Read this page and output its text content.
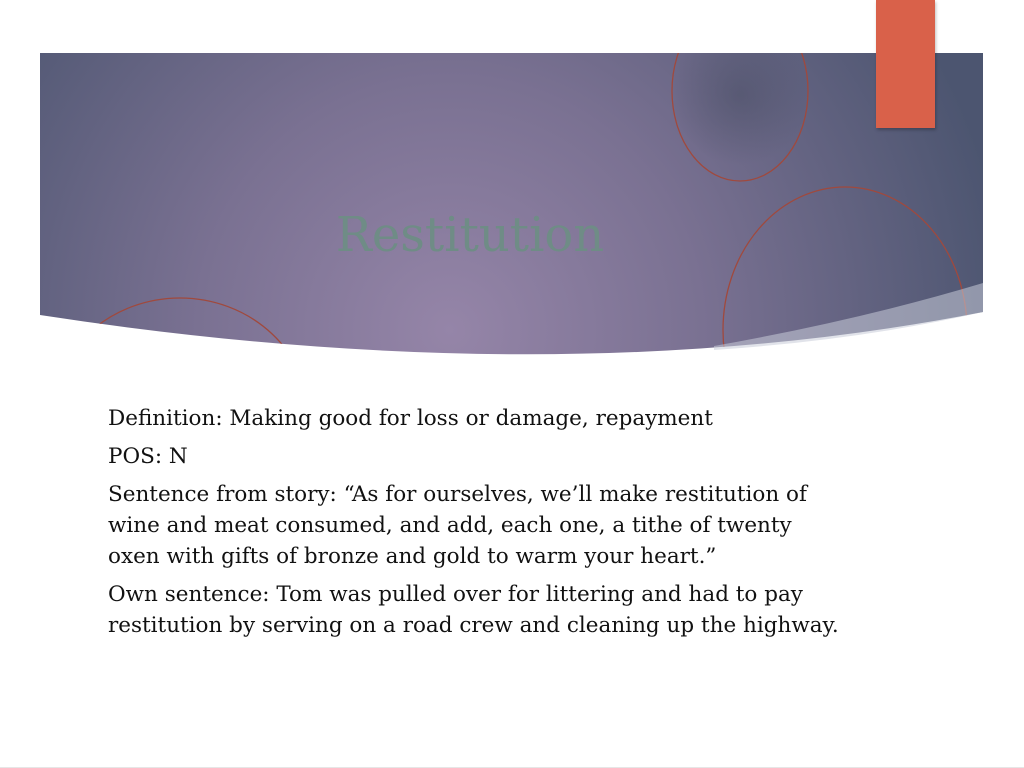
Restitution

Definition: Making good for loss or damage, repayment

POS: N

Sentence from story: “As for ourselves, we’ll make restitution of wine and meat consumed, and add, each one, a tithe of twenty oxen with gifts of bronze and gold to warm your heart.”

Own sentence: Tom was pulled over for littering and had to pay restitution by serving on a road crew and cleaning up the highway.
